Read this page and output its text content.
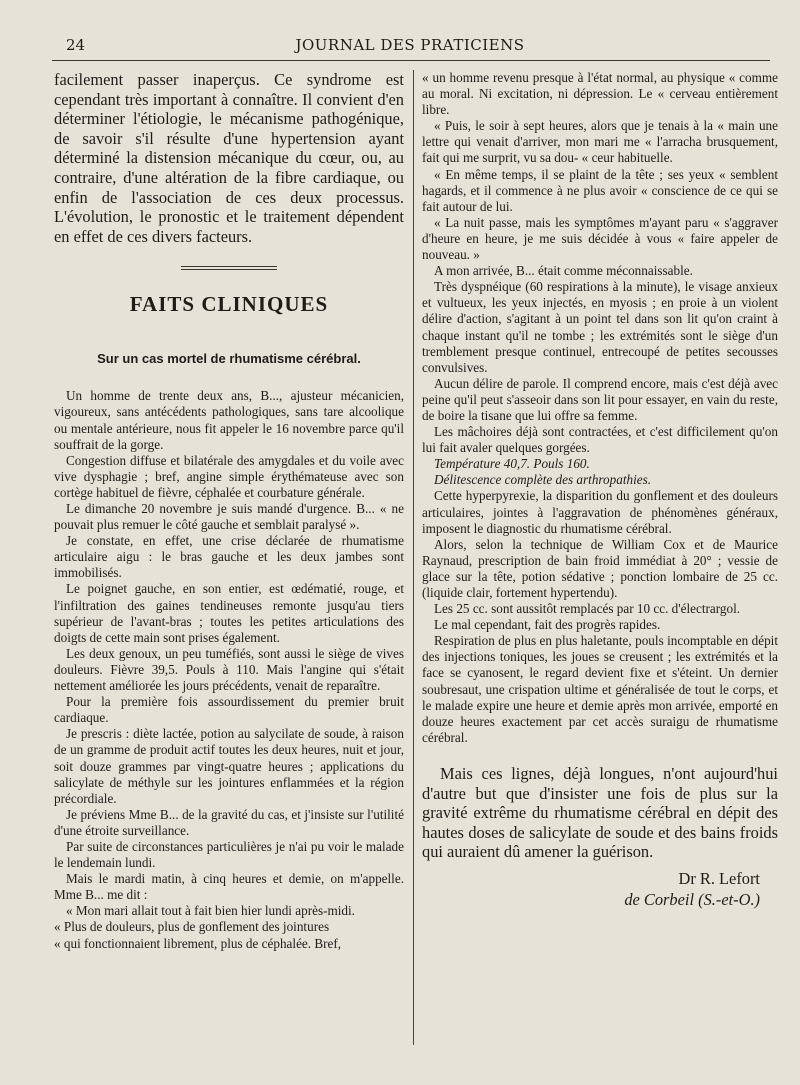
24	JOURNAL DES PRATICIENS

facilement passer inaperçus. Ce syndrome est cependant très important à connaître. Il convient d'en déterminer l'étiologie, le mécanisme pathogénique, de savoir s'il résulte d'une hypertension ayant déterminé la distension mécanique du cœur, ou, au contraire, d'une altération de la fibre cardiaque, ou enfin de l'association de ces deux processus. L'évolution, le pronostic et le traitement dépendent en effet de ces divers facteurs.

FAITS CLINIQUES
Sur un cas mortel de rhumatisme cérébral.

Un homme de trente deux ans, B..., ajusteur mécanicien, vigoureux, sans antécédents pathologiques, sans tare alcoolique ou mentale antérieure, nous fit appeler le 16 novembre parce qu'il souffrait de la gorge.

Congestion diffuse et bilatérale des amygdales et du voile avec vive dysphagie ; bref, angine simple érythémateuse avec son cortège habituel de fièvre, céphalée et courbature générale.

Le dimanche 20 novembre je suis mandé d'urgence. B... « ne pouvait plus remuer le côté gauche et semblait paralysé ».

Je constate, en effet, une crise déclarée de rhumatisme articulaire aigu : le bras gauche et les deux jambes sont immobilisés.

Le poignet gauche, en son entier, est œdématié, rouge, et l'infiltration des gaines tendineuses remonte jusqu'au tiers supérieur de l'avant-bras ; toutes les petites articulations des doigts de cette main sont prises également.

Les deux genoux, un peu tuméfiés, sont aussi le siège de vives douleurs. Fièvre 39,5. Pouls à 110. Mais l'angine qui s'était nettement améliorée les jours précédents, venait de reparaître.

Pour la première fois assourdissement du premier bruit cardiaque.

Je prescris : diète lactée, potion au salycilate de soude, à raison de un gramme de produit actif toutes les deux heures, nuit et jour, soit douze grammes par vingt-quatre heures ; applications du salicylate de méthyle sur les jointures enflammées et la région précordiale.

Je préviens Mme B... de la gravité du cas, et j'insiste sur l'utilité d'une étroite surveillance.

Par suite de circonstances particulières je n'ai pu voir le malade le lendemain lundi.

Mais le mardi matin, à cinq heures et demie, on m'appelle. Mme B... me dit :

« Mon mari allait tout à fait bien hier lundi après-midi.

« Plus de douleurs, plus de gonflement des jointures

« qui fonctionnaient librement, plus de céphalée. Bref,

« un homme revenu presque à l'état normal, au physique « comme au moral. Ni excitation, ni dépression. Le « cerveau entièrement libre.

« Puis, le soir à sept heures, alors que je tenais à la « main une lettre qui venait d'arriver, mon mari me « l'arracha brusquement, fait qui me surprit, vu sa dou- « ceur habituelle.

« En même temps, il se plaint de la tête ; ses yeux « semblent hagards, et il commence à ne plus avoir « conscience de ce qui se fait autour de lui.

« La nuit passe, mais les symptômes m'ayant paru « s'aggraver d'heure en heure, je me suis décidée à vous « faire appeler de nouveau. »

A mon arrivée, B... était comme méconnaissable.

Très dyspnéique (60 respirations à la minute), le visage anxieux et vultueux, les yeux injectés, en myosis ; en proie à un violent délire d'action, s'agitant à un point tel dans son lit qu'on craint à chaque instant qu'il ne tombe ; les extrémités sont le siège d'un tremblement presque continuel, entrecoupé de petites secousses convulsives.

Aucun délire de parole. Il comprend encore, mais c'est déjà avec peine qu'il peut s'asseoir dans son lit pour essayer, en vain du reste, de boire la tisane que lui offre sa femme.

Les mâchoires déjà sont contractées, et c'est difficilement qu'on lui fait avaler quelques gorgées.

Température 40,7. Pouls 160.

Délitescence complète des arthropathies.

Cette hyperpyrexie, la disparition du gonflement et des douleurs articulaires, jointes à l'aggravation de phénomènes généraux, imposent le diagnostic du rhumatisme cérébral.

Alors, selon la technique de William Cox et de Maurice Raynaud, prescription de bain froid immédiat à 20° ; vessie de glace sur la tête, potion sédative ; ponction lombaire de 25 cc. (liquide clair, fortement hypertendu).

Les 25 cc. sont aussitôt remplacés par 10 cc. d'électrargol.

Le mal cependant, fait des progrès rapides.

Respiration de plus en plus haletante, pouls incomptable en dépit des injections toniques, les joues se creusent ; les extrémités et la face se cyanosent, le regard devient fixe et s'éteint. Un dernier soubresaut, une crispation ultime et généralisée de tout le corps, et le malade expire une heure et demie après mon arrivée, emporté en douze heures exactement par cet accès suraigu de rhumatisme cérébral.

Mais ces lignes, déjà longues, n'ont aujourd'hui d'autre but que d'insister une fois de plus sur la gravité extrême du rhumatisme cérébral en dépit des hautes doses de salicylate de soude et des bains froids qui auraient dû amener la guérison.

Dr R. Lefort
de Corbeil (S.-et-O.)
